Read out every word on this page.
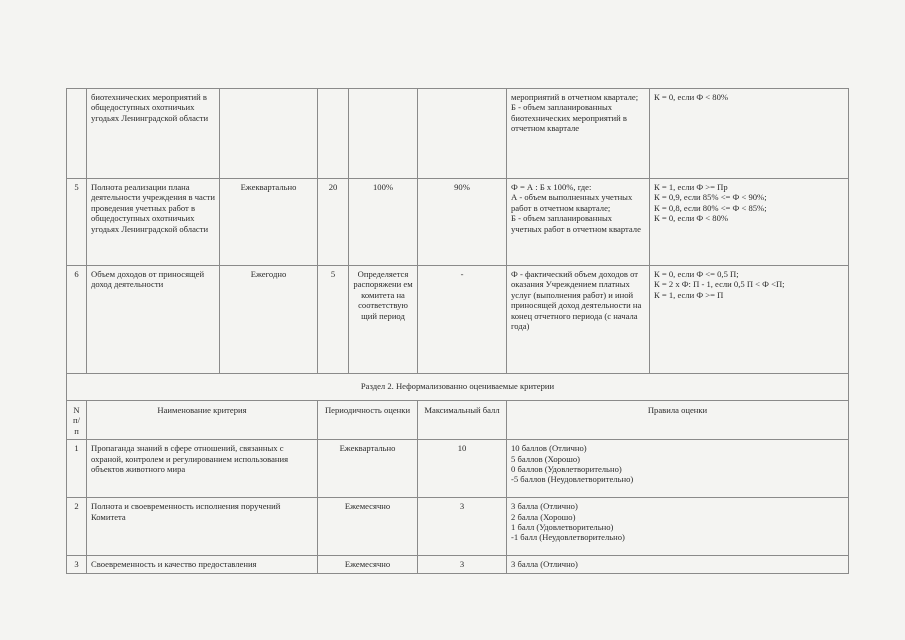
	биотехнических мероприятий в общедоступных охотничьих угодьях Ленинградской области					мероприятий в отчетном квартале;
Б - объем запланированных биотехнических мероприятий в отчетном квартале	К = 0, если Ф < 80%
5	Полнота реализации плана деятельности учреждения в части проведения учетных работ в общедоступных охотничьих угодьях Ленинградской области	Ежеквартально	20	100%	90%	Ф = А : Б х 100%, где:
А - объем выполненных учетных работ в отчетном квартале;
Б - объем запланированных учетных работ в отчетном квартале	К = 1, если Ф >= Пр
К = 0,9, если 85% <= Ф < 90%;
К = 0,8, если 80% <= Ф < 85%;
К = 0, если Ф < 80%
6	Объем доходов от приносящей доход деятельности	Ежегодно	5	Определяется распоряжени ем комитета на соответствую щий период	-	Ф - фактический объем доходов от оказания Учреждением платных услуг (выполнения работ) и иной приносящей доход деятельности на конец отчетного периода (с начала года)	К = 0, если Ф <= 0,5 П;
К = 2 х Ф: П - 1, если 0,5 П < Ф <П;
К = 1, если Ф >= П
Раздел 2. Неформализованно оцениваемые критерии				
N
п/п	Наименование критерия	Периодичность оценки	Максимальный балл	Правила оценки
1	Пропаганда знаний в сфере отношений, связанных с охраной, контролем и регулированием использования объектов животного мира	Ежеквартально	10	10 баллов (Отлично)
5 баллов (Хорошо)
0 баллов (Удовлетворительно)
-5 баллов (Неудовлетворительно)
2	Полнота и своевременность исполнения поручений Комитета	Ежемесячно	3	3 балла (Отлично)
2 балла (Хорошо)
1 балл (Удовлетворительно)
-1 балл (Неудовлетворительно)
3	Своевременность и качество предоставления	Ежемесячно	3	3 балла (Отлично)
